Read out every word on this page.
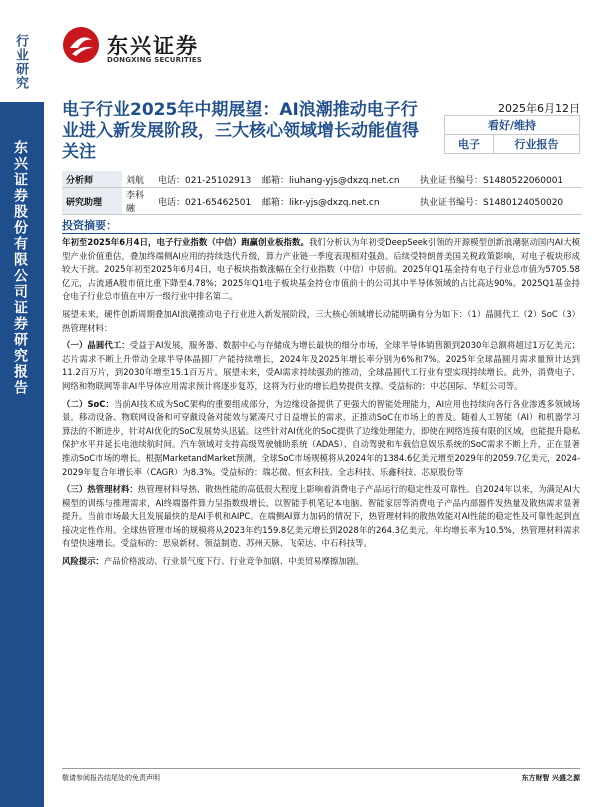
行业研究
东兴证券股份有限公司证券研究报告
东兴证券
DONGXING SECURITIES
电子行业2025年中期展望：AI浪潮推动电子行业进入新发展阶段，三大核心领域增长动能值得关注
2025年6月12日
看好/维持
电子	行业报告
分析师	刘航	电话：021-25102913	邮箱：liuhang-yjs@dxzq.net.cn	执业证书编号：S1480522060001
研究助理	李科融	电话：021-65462501	邮箱：likr-yjs@dxzq.net.cn	执业证书编号：S1480124050020
投资摘要：

年初至2025年6月4日，电子行业指数（中信）跑赢创业板指数。我们分析认为年初受DeepSeek引领的开源模型创新浪潮驱动国内AI大模型产业价值重估，叠加终端侧AI应用的持续迭代升级，算力产业链一季度表现相对强劲。后续受特朗普美国关税政策影响，对电子板块形成较大干扰。2025年初至2025年6月4日，电子板块指数涨幅在全行业指数（中信）中居前。2025年Q1基金持有电子行业总市值为5705.58亿元，占流通A股市值比重下降至4.78%；2025年Q1电子板块基金持仓市值前十的公司其中半导体领域的占比高达90%。2025Q1基金持仓电子行业总市值在申万一级行业中排名第二。

展望未来，硬件创新周期叠加AI浪潮推动电子行业进入新发展阶段，三大核心领域增长动能明确有分为如下：（1）晶圆代工（2）SoC（3）热管理材料：

（一）晶圆代工：受益于AI发展，服务器、数据中心与存储成为增长最快的细分市场，全球半导体销售额到2030年总额将超过1万亿美元；芯片需求不断上升带动全球半导体晶圆厂产能持续增长，2024年及2025年增长率分别为6%和7%。2025年全球晶圆月需求量预计达到11.2百万片，到2030年增至15.1百万片。展望未来，受AI需求持续强劲的推动，全球晶圆代工行业有望实现持续增长。此外，消费电子、网络和物联网等非AI半导体应用需求预计将逐步复苏，这将为行业的增长趋势提供支撑。受益标的：中芯国际、华虹公司等。

（二）SoC：当前AI技术成为SoC架构的重要组成部分，为边缘设备提供了更强大的智能处理能力，AI应用也持续向各行各业渗透多领域场景。移动设备、物联网设备和可穿戴设备对能效与紧凑尺寸日益增长的需求，正推动SoC在市场上的普及。随着人工智能（AI）和机器学习算法的不断进步，针对AI优化的SoC发展势头迅猛。这些针对AI优化的SoC提供了边缘处理能力，即使在网络连接有限的区域，也能提升隐私保护水平并延长电池续航时间。汽车领域对支持高级驾驶辅助系统（ADAS）、自动驾驶和车载信息娱乐系统的SoC需求不断上升，正在显著推动SoC市场的增长。根据MarketandMarket预测，全球SoC市场规模将从2024年的1384.6亿美元增至2029年的2059.7亿美元，2024-2029年复合年增长率（CAGR）为8.3%。受益标的：瑞芯微、恒玄科技、全志科技、乐鑫科技、芯原股份等

（三）热管理材料：热管理材料导热、散热性能的高低很大程度上影响着消费电子产品运行的稳定性及可靠性。自2024年以来，为满足AI大模型的训练与推理需求，AI终端器件算力呈指数级增长，以智能手机笔记本电脑、智能家居等消费电子产品内部器件发热量及散热需求显著提升。当前市场最大且发展最快的是AI手机和AIPC。在端侧AI算力加码的情况下，热管理材料的散热效能对AI性能的稳定性及可靠性起到直接决定性作用。全球热管理市场的规模将从2023年约159.8亿美元增长到2028年的264.3亿美元，年均增长率为10.5%，热管理材料需求有望快速增长。受益标的：思泉新材、领益制造、苏州天脉、飞荣达、中石科技等。

风险提示：产品价格波动、行业景气度下行、行业竞争加剧、中美贸易摩擦加剧。

敬请参阅报告结尾处的免责声明	东方财智 兴盛之源
